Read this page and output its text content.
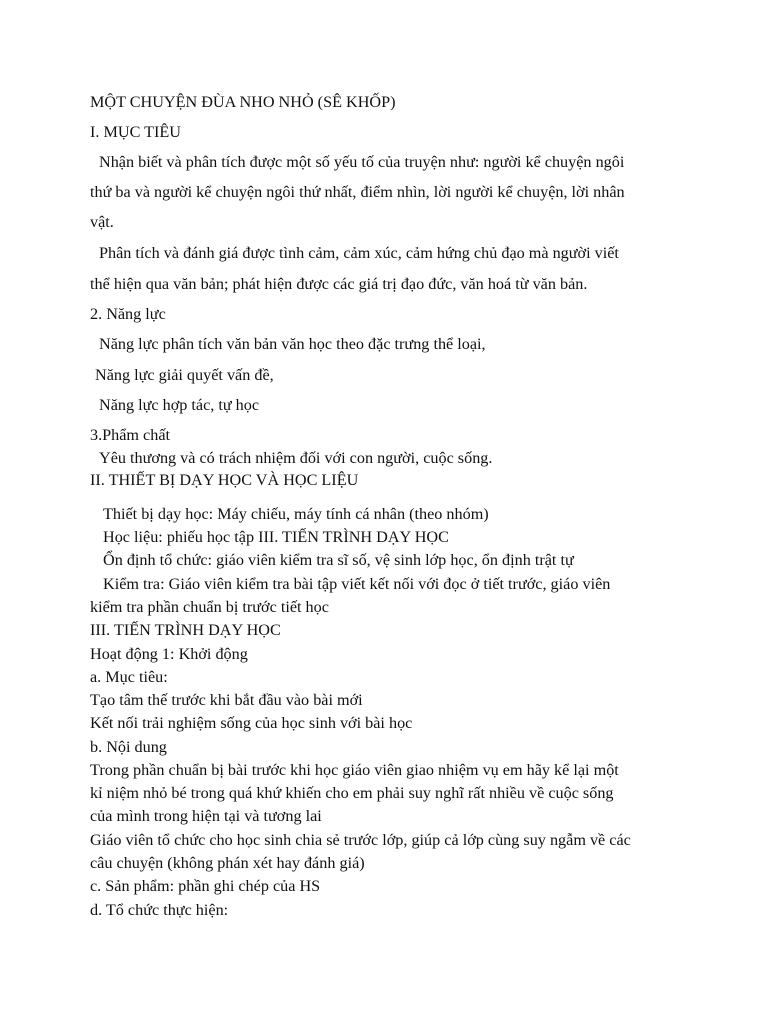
MỘT CHUYỆN ĐÙA NHO NHỎ (SÊ KHỐP)
I. MỤC TIÊU
Nhận biết và phân tích được một số yếu tố của truyện như: người kể chuyện ngôi
thứ ba và người kể chuyện ngôi thứ nhất, điểm nhìn, lời người kể chuyện, lời nhân
vật.
Phân tích và đánh giá được tình cảm, cảm xúc, cảm hứng chủ đạo mà người viết
thể hiện qua văn bản; phát hiện được các giá trị đạo đức, văn hoá từ văn bản.
2. Năng lực
Năng lực phân tích văn bản văn học theo đặc trưng thể loại,
Năng lực giải quyết vấn đề,
Năng lực hợp tác, tự học
3.Phẩm chất
Yêu thương và có trách nhiệm đối với con người, cuộc sống.
II. THIẾT BỊ DẠY HỌC VÀ HỌC LIỆU
Thiết bị dạy học: Máy chiếu, máy tính cá nhân (theo nhóm)
Học liệu: phiếu học tập III. TIẾN TRÌNH DẠY HỌC
Ổn định tổ chức: giáo viên kiểm tra sĩ số, vệ sinh lớp học, ổn định trật tự
Kiểm tra: Giáo viên kiểm tra bài tập viết kết nối với đọc ở tiết trước, giáo viên
kiểm tra phần chuẩn bị trước tiết học
III. TIẾN TRÌNH DẠY HỌC
Hoạt động 1: Khởi động
a. Mục tiêu:
Tạo tâm thế trước khi bắt đầu vào bài mới
Kết nối trải nghiệm sống của học sinh với bài học
b. Nội dung
Trong phần chuẩn bị bài trước khi học giáo viên giao nhiệm vụ em hãy kể lại một
kỉ niệm nhỏ bé trong quá khứ khiến cho em phải suy nghĩ rất nhiều về cuộc sống
của mình trong hiện tại và tương lai
Giáo viên tổ chức cho học sinh chia sẻ trước lớp, giúp cả lớp cùng suy ngẫm về các
câu chuyện (không phán xét hay đánh giá)
c. Sản phẩm: phần ghi chép của HS
d. Tổ chức thực hiện:
